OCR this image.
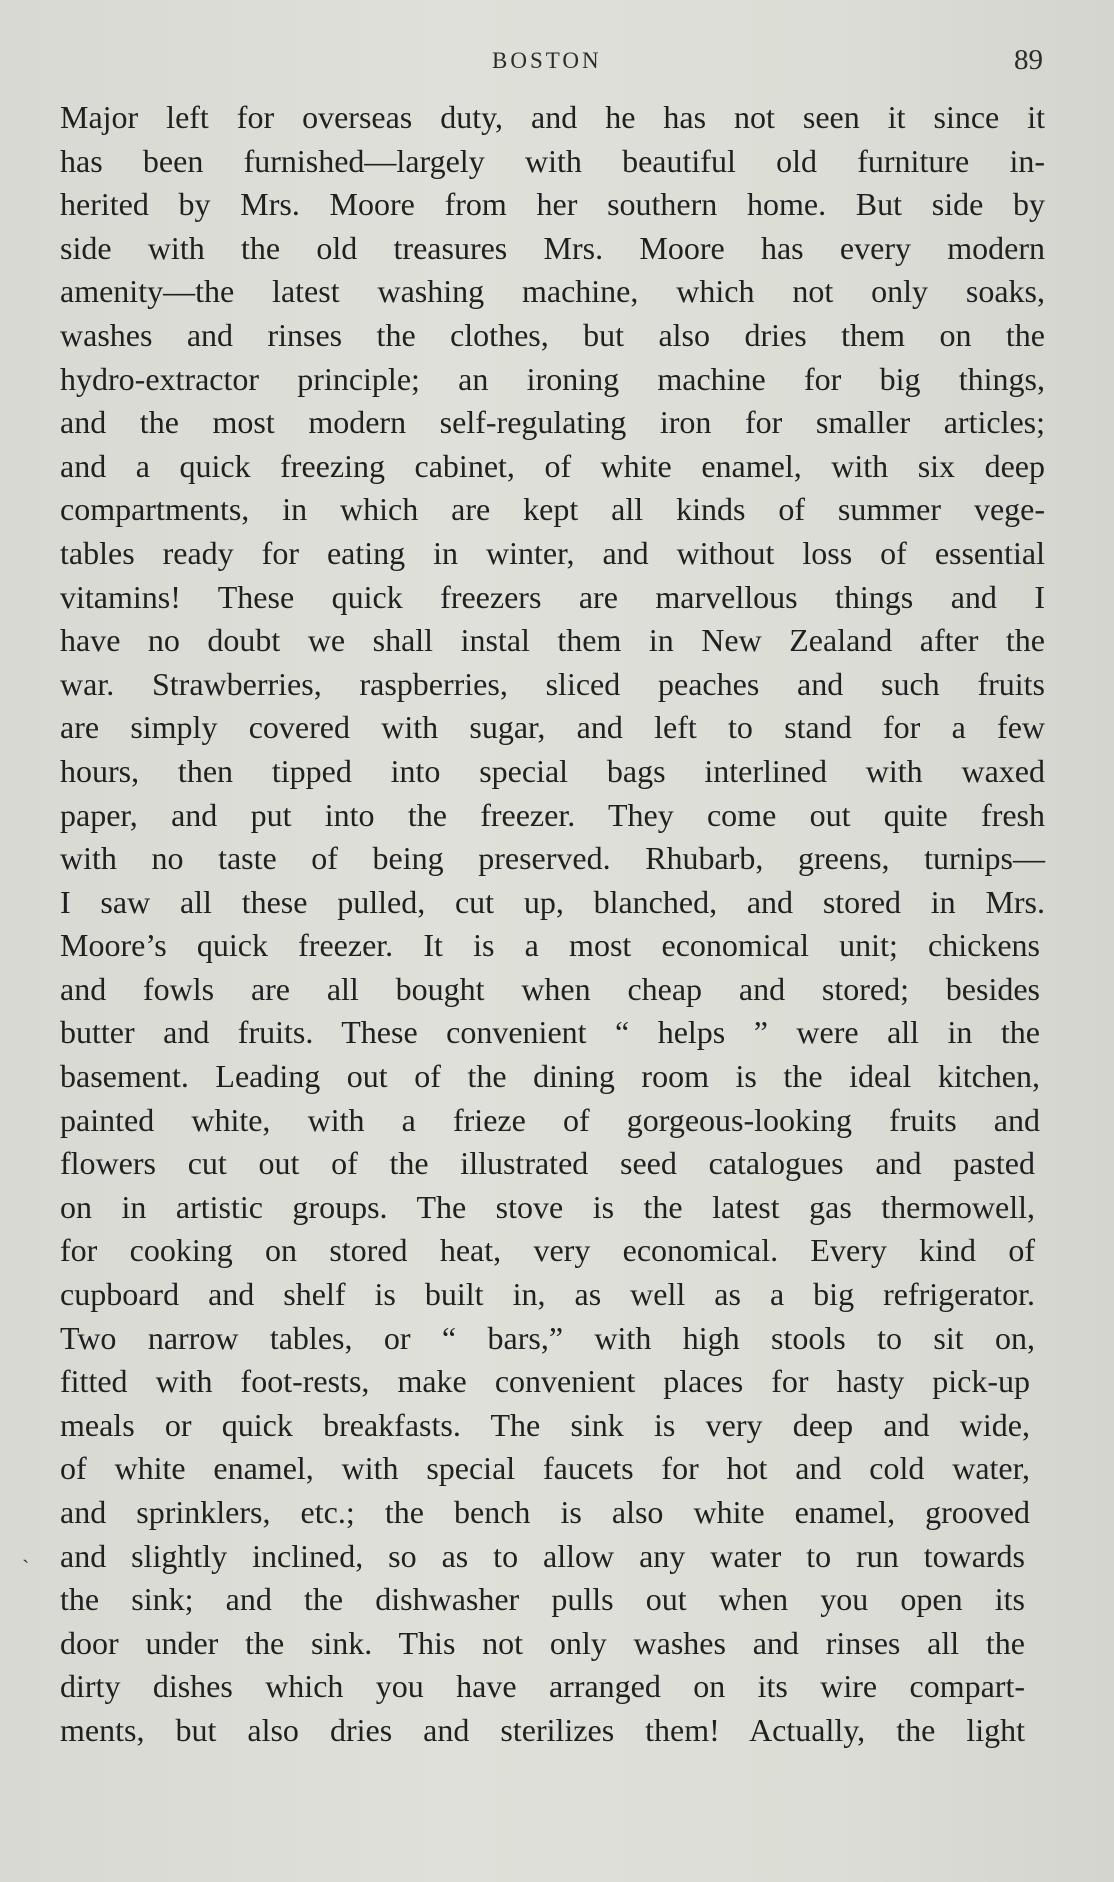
BOSTON	89
Major left for overseas duty, and he has not seen it since it
has been furnished—largely with beautiful old furniture in-
herited by Mrs. Moore from her southern home. But side by
side with the old treasures Mrs. Moore has every modern
amenity—the latest washing machine, which not only soaks,
washes and rinses the clothes, but also dries them on the
hydro-extractor principle; an ironing machine for big things,
and the most modern self-regulating iron for smaller articles;
and a quick freezing cabinet, of white enamel, with six deep
compartments, in which are kept all kinds of summer vege-
tables ready for eating in winter, and without loss of essential
vitamins! These quick freezers are marvellous things and I
have no doubt we shall instal them in New Zealand after the
war. Strawberries, raspberries, sliced peaches and such fruits
are simply covered with sugar, and left to stand for a few
hours, then tipped into special bags interlined with waxed
paper, and put into the freezer. They come out quite fresh
with no taste of being preserved. Rhubarb, greens, turnips—
I saw all these pulled, cut up, blanched, and stored in Mrs.
Moore’s quick freezer. It is a most economical unit; chickens
and fowls are all bought when cheap and stored; besides
butter and fruits. These convenient “ helps ” were all in the
basement. Leading out of the dining room is the ideal kitchen,
painted white, with a frieze of gorgeous-looking fruits and
flowers cut out of the illustrated seed catalogues and pasted
on in artistic groups. The stove is the latest gas thermowell,
for cooking on stored heat, very economical. Every kind of
cupboard and shelf is built in, as well as a big refrigerator.
Two narrow tables, or “ bars,” with high stools to sit on,
fitted with foot-rests, make convenient places for hasty pick-up
meals or quick breakfasts. The sink is very deep and wide,
of white enamel, with special faucets for hot and cold water,
and sprinklers, etc.; the bench is also white enamel, grooved
and slightly inclined, so as to allow any water to run towards
the sink; and the dishwasher pulls out when you open its
door under the sink. This not only washes and rinses all the
dirty dishes which you have arranged on its wire compart-
ments, but also dries and sterilizes them! Actually, the light
ˋ
